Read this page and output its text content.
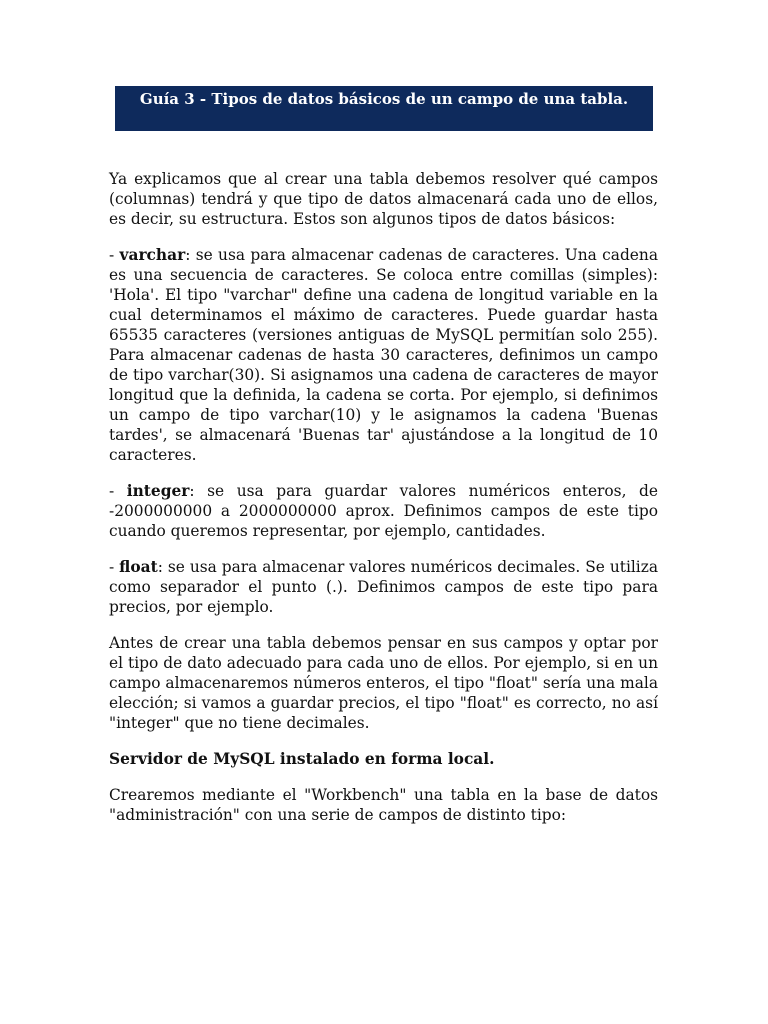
Guía 3 - Tipos de datos básicos de un campo de una tabla.

Ya explicamos que al crear una tabla debemos resolver qué campos (columnas) tendrá y que tipo de datos almacenará cada uno de ellos, es decir, su estructura. Estos son algunos tipos de datos básicos:

- varchar: se usa para almacenar cadenas de caracteres. Una cadena es una secuencia de caracteres. Se coloca entre comillas (simples): 'Hola'. El tipo "varchar" define una cadena de longitud variable en la cual determinamos el máximo de caracteres. Puede guardar hasta 65535 caracteres (versiones antiguas de MySQL permitían solo 255). Para almacenar cadenas de hasta 30 caracteres, definimos un campo de tipo varchar(30). Si asignamos una cadena de caracteres de mayor longitud que la definida, la cadena se corta. Por ejemplo, si definimos un campo de tipo varchar(10) y le asignamos la cadena 'Buenas tardes', se almacenará 'Buenas tar' ajustándose a la longitud de 10 caracteres.

- integer: se usa para guardar valores numéricos enteros, de -2000000000 a 2000000000 aprox. Definimos campos de este tipo cuando queremos representar, por ejemplo, cantidades.

- float: se usa para almacenar valores numéricos decimales. Se utiliza como separador el punto (.). Definimos campos de este tipo para precios, por ejemplo.

Antes de crear una tabla debemos pensar en sus campos y optar por el tipo de dato adecuado para cada uno de ellos. Por ejemplo, si en un campo almacenaremos números enteros, el tipo "float" sería una mala elección; si vamos a guardar precios, el tipo "float" es correcto, no así "integer" que no tiene decimales.

Servidor de MySQL instalado en forma local.

Crearemos mediante el "Workbench" una tabla en la base de datos "administración" con una serie de campos de distinto tipo:
